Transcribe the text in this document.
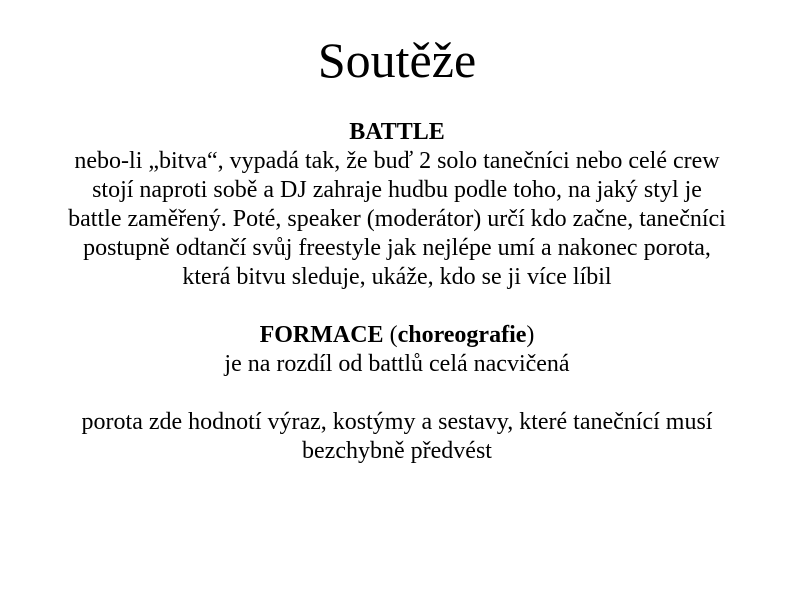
Soutěže
BATTLE
nebo-li „bitva“, vypadá tak, že buď 2 solo tanečníci nebo celé crew
stojí naproti sobě a DJ zahraje hudbu podle toho, na jaký styl je
battle zaměřený. Poté, speaker (moderátor) určí kdo začne, tanečníci
postupně odtančí svůj freestyle jak nejlépe umí a nakonec porota,
která bitvu sleduje, ukáže, kdo se ji více líbil
FORMACE (choreografie)
je na rozdíl od battlů celá nacvičená
porota zde hodnotí výraz, kostýmy a sestavy, které tanečnící musí
bezchybně předvést
